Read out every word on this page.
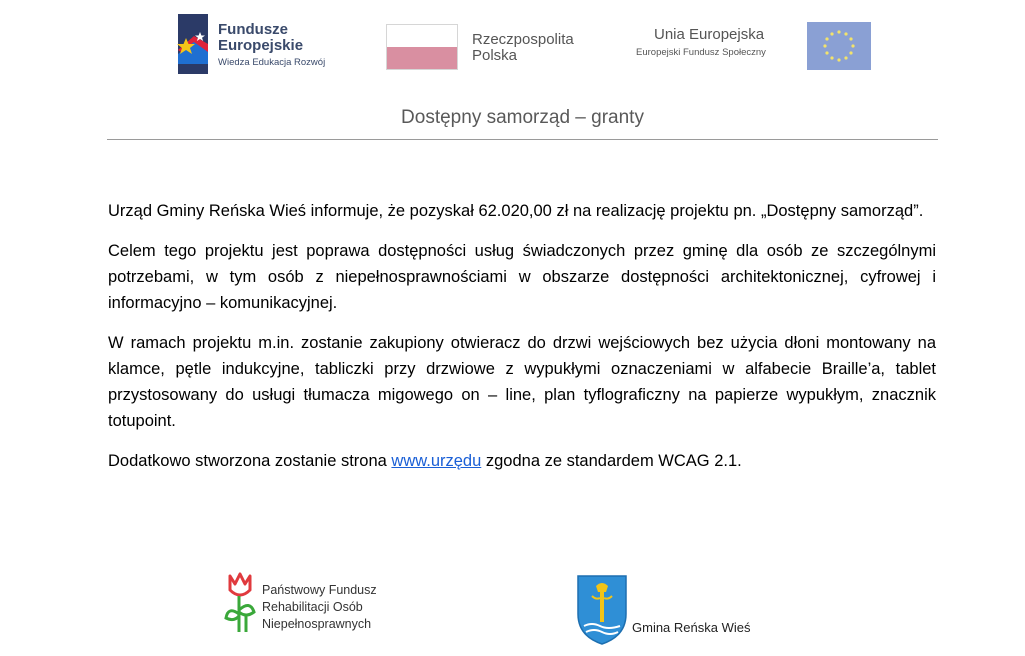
Fundusze
Europejskie
Wiedza Edukacja Rozwój
Rzeczpospolita
Polska
Unia Europejska
Europejski Fundusz Społeczny
Dostępny samorząd – granty

Urząd Gminy Reńska Wieś informuje, że pozyskał 62.020,00 zł na realizację projektu pn. „Dostępny samorząd”.

Celem tego projektu jest poprawa dostępności usług świadczonych przez gminę dla osób ze szczególnymi potrzebami, w tym osób z niepełnosprawnościami w obszarze dostępności architektonicznej, cyfrowej i informacyjno – komunikacyjnej.

W ramach projektu m.in. zostanie zakupiony otwieracz do drzwi wejściowych bez użycia dłoni montowany na klamce, pętle indukcyjne, tabliczki przy drzwiowe z wypukłymi oznaczeniami w alfabecie Braille’a, tablet przystosowany do usługi tłumacza migowego on – line, plan tyflograficzny na papierze wypukłym, znacznik totupoint.

Dodatkowo stworzona zostanie strona www.urzędu zgodna ze standardem WCAG 2.1.

Państwowy Fundusz
Rehabilitacji Osób
Niepełnosprawnych	Gmina Reńska Wieś
